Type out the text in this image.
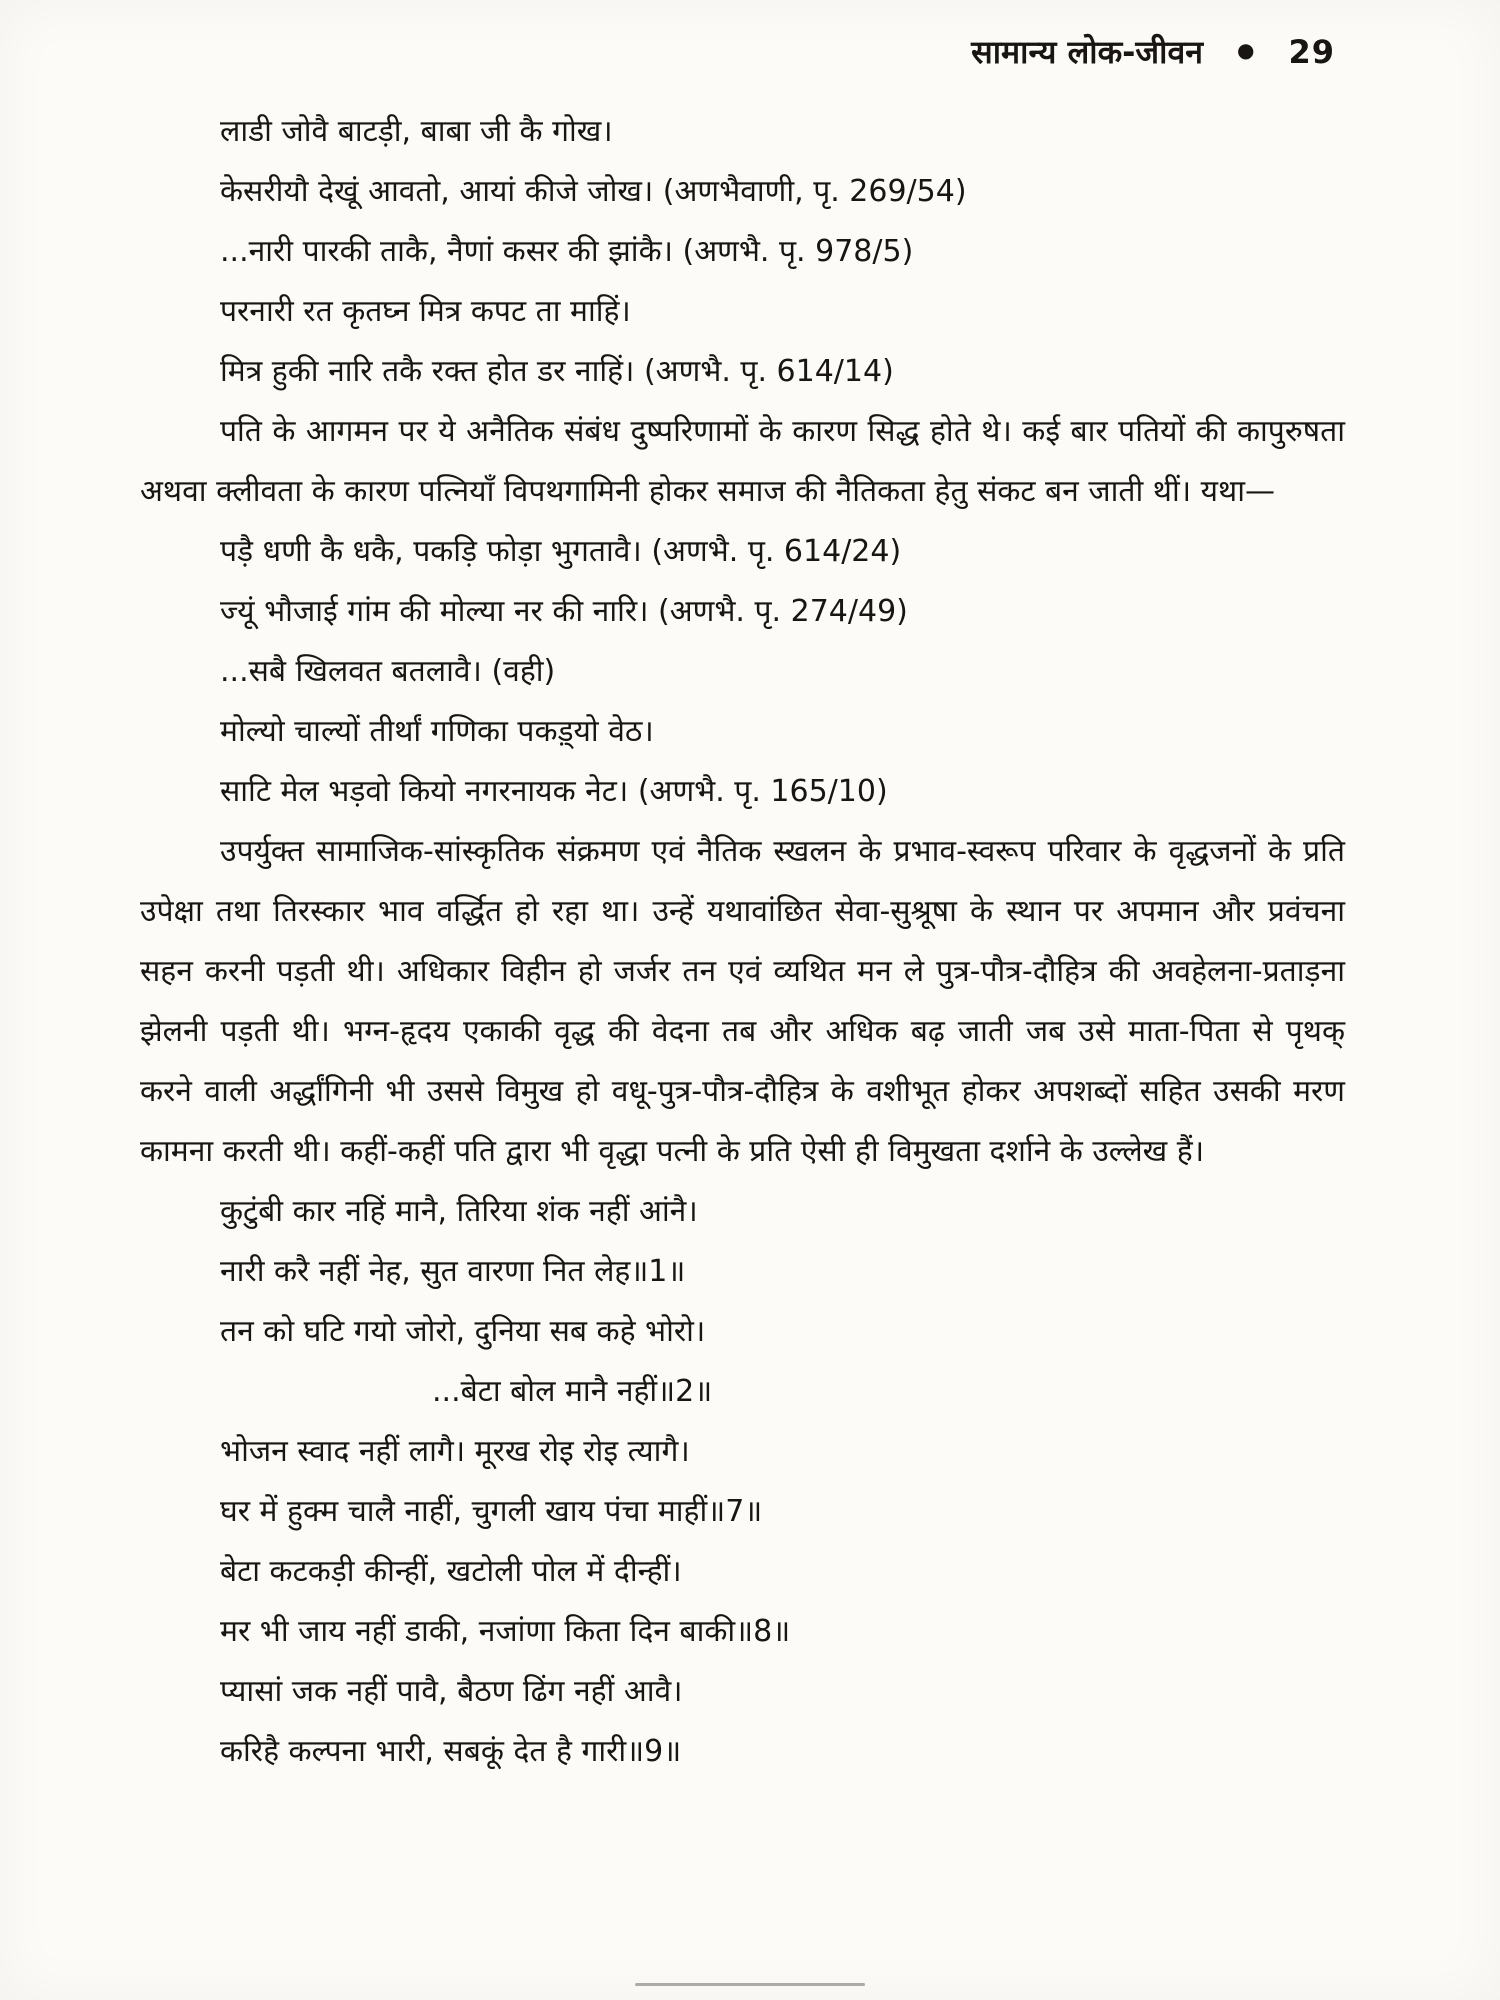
सामान्य लोक-जीवन ● 29
लाडी जोवै बाटड़ी, बाबा जी कै गोख।
केसरीयौ देखूं आवतो, आयां कीजे जोख। (अणभैवाणी, पृ. 269/54)
...नारी पारकी ताकै, नैणां कसर की झांकै। (अणभै. पृ. 978/5)
परनारी रत कृतघ्न मित्र कपट ता माहिं।
मित्र हुकी नारि तकै रक्त होत डर नाहिं। (अणभै. पृ. 614/14)
पति के आगमन पर ये अनैतिक संबंध दुष्परिणामों के कारण सिद्ध होते थे। कई बार पतियों की कापुरुषता अथवा क्लीवता के कारण पत्नियाँ विपथगामिनी होकर समाज की नैतिकता हेतु संकट बन जाती थीं। यथा—
पड़ै धणी कै धकै, पकड़ि फोड़ा भुगतावै। (अणभै. पृ. 614/24)
ज्यूं भौजाई गांम की मोल्या नर की नारि। (अणभै. पृ. 274/49)
...सबै खिलवत बतलावै। (वही)
मोल्यो चाल्यों तीर्थां गणिका पकड़्यो वेठ।
साटि मेल भड़वो कियो नगरनायक नेट। (अणभै. पृ. 165/10)
उपर्युक्त सामाजिक-सांस्कृतिक संक्रमण एवं नैतिक स्खलन के प्रभाव-स्वरूप परिवार के वृद्धजनों के प्रति उपेक्षा तथा तिरस्कार भाव वर्द्धित हो रहा था। उन्हें यथावांछित सेवा-सुश्रूषा के स्थान पर अपमान और प्रवंचना सहन करनी पड़ती थी। अधिकार विहीन हो जर्जर तन एवं व्यथित मन ले पुत्र-पौत्र-दौहित्र की अवहेलना-प्रताड़ना झेलनी पड़ती थी। भग्न-हृदय एकाकी वृद्ध की वेदना तब और अधिक बढ़ जाती जब उसे माता-पिता से पृथक् करने वाली अर्द्धांगिनी भी उससे विमुख हो वधू-पुत्र-पौत्र-दौहित्र के वशीभूत होकर अपशब्दों सहित उसकी मरण कामना करती थी। कहीं-कहीं पति द्वारा भी वृद्धा पत्नी के प्रति ऐसी ही विमुखता दर्शाने के उल्लेख हैं।
कुटुंबी कार नहिं मानै, तिरिया शंक नहीं आंनै।
नारी करै नहीं नेह, सुत वारणा नित लेह॥1॥
तन को घटि गयो जोरो, दुनिया सब कहे भोरो।
...बेटा बोल मानै नहीं॥2॥
भोजन स्वाद नहीं लागै। मूरख रोइ रोइ त्यागै।
घर में हुक्म चालै नाहीं, चुगली खाय पंचा माहीं॥7॥
बेटा कटकड़ी कीन्हीं, खटोली पोल में दीन्हीं।
मर भी जाय नहीं डाकी, नजांणा किता दिन बाकी॥8॥
प्यासां जक नहीं पावै, बैठण ढिंग नहीं आवै।
करिहै कल्पना भारी, सबकूं देत है गारी॥9॥
